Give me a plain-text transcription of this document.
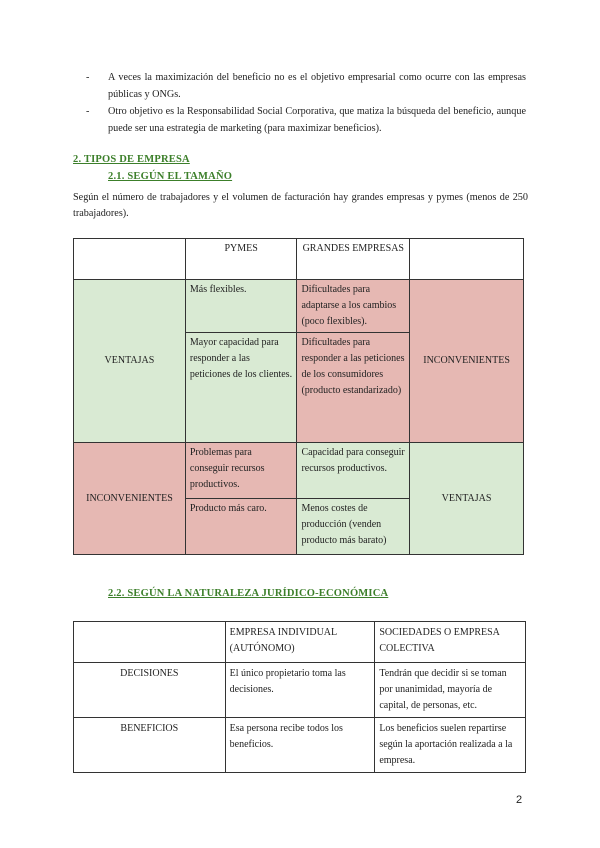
-	A veces la maximización del beneficio no es el objetivo empresarial como ocurre con las empresas públicas y ONGs.
-	Otro objetivo es la Responsabilidad Social Corporativa, que matiza la búsqueda del beneficio, aunque puede ser una estrategia de marketing (para maximizar beneficios).
2. TIPOS DE EMPRESA
2.1. SEGÚN EL TAMAÑO
Según el número de trabajadores y el volumen de facturación hay grandes empresas y pymes (menos de 250 trabajadores).
	PYMES	GRANDES EMPRESAS	
VENTAJAS	Más flexibles.	Dificultades para adaptarse a los cambios (poco flexibles).	INCONVENIENTES
	Mayor capacidad para responder a las peticiones de los clientes.	Dificultades para responder a las peticiones de los consumidores (producto estandarizado)	
INCONVENIENTES	Problemas para conseguir recursos productivos.	Capacidad para conseguir recursos productivos.	VENTAJAS
	Producto más caro.	Menos costes de producción (venden producto más barato)	
2.2. SEGÚN LA NATURALEZA JURÍDICO-ECONÓMICA
	EMPRESA INDIVIDUAL (AUTÓNOMO)	SOCIEDADES O EMPRESA COLECTIVA
DECISIONES	El único propietario toma las decisiones.	Tendrán que decidir si se toman por unanimidad, mayoría de capital, de personas, etc.
BENEFICIOS	Esa persona recibe todos los beneficios.	Los beneficios suelen repartirse según la aportación realizada a la empresa.
2
